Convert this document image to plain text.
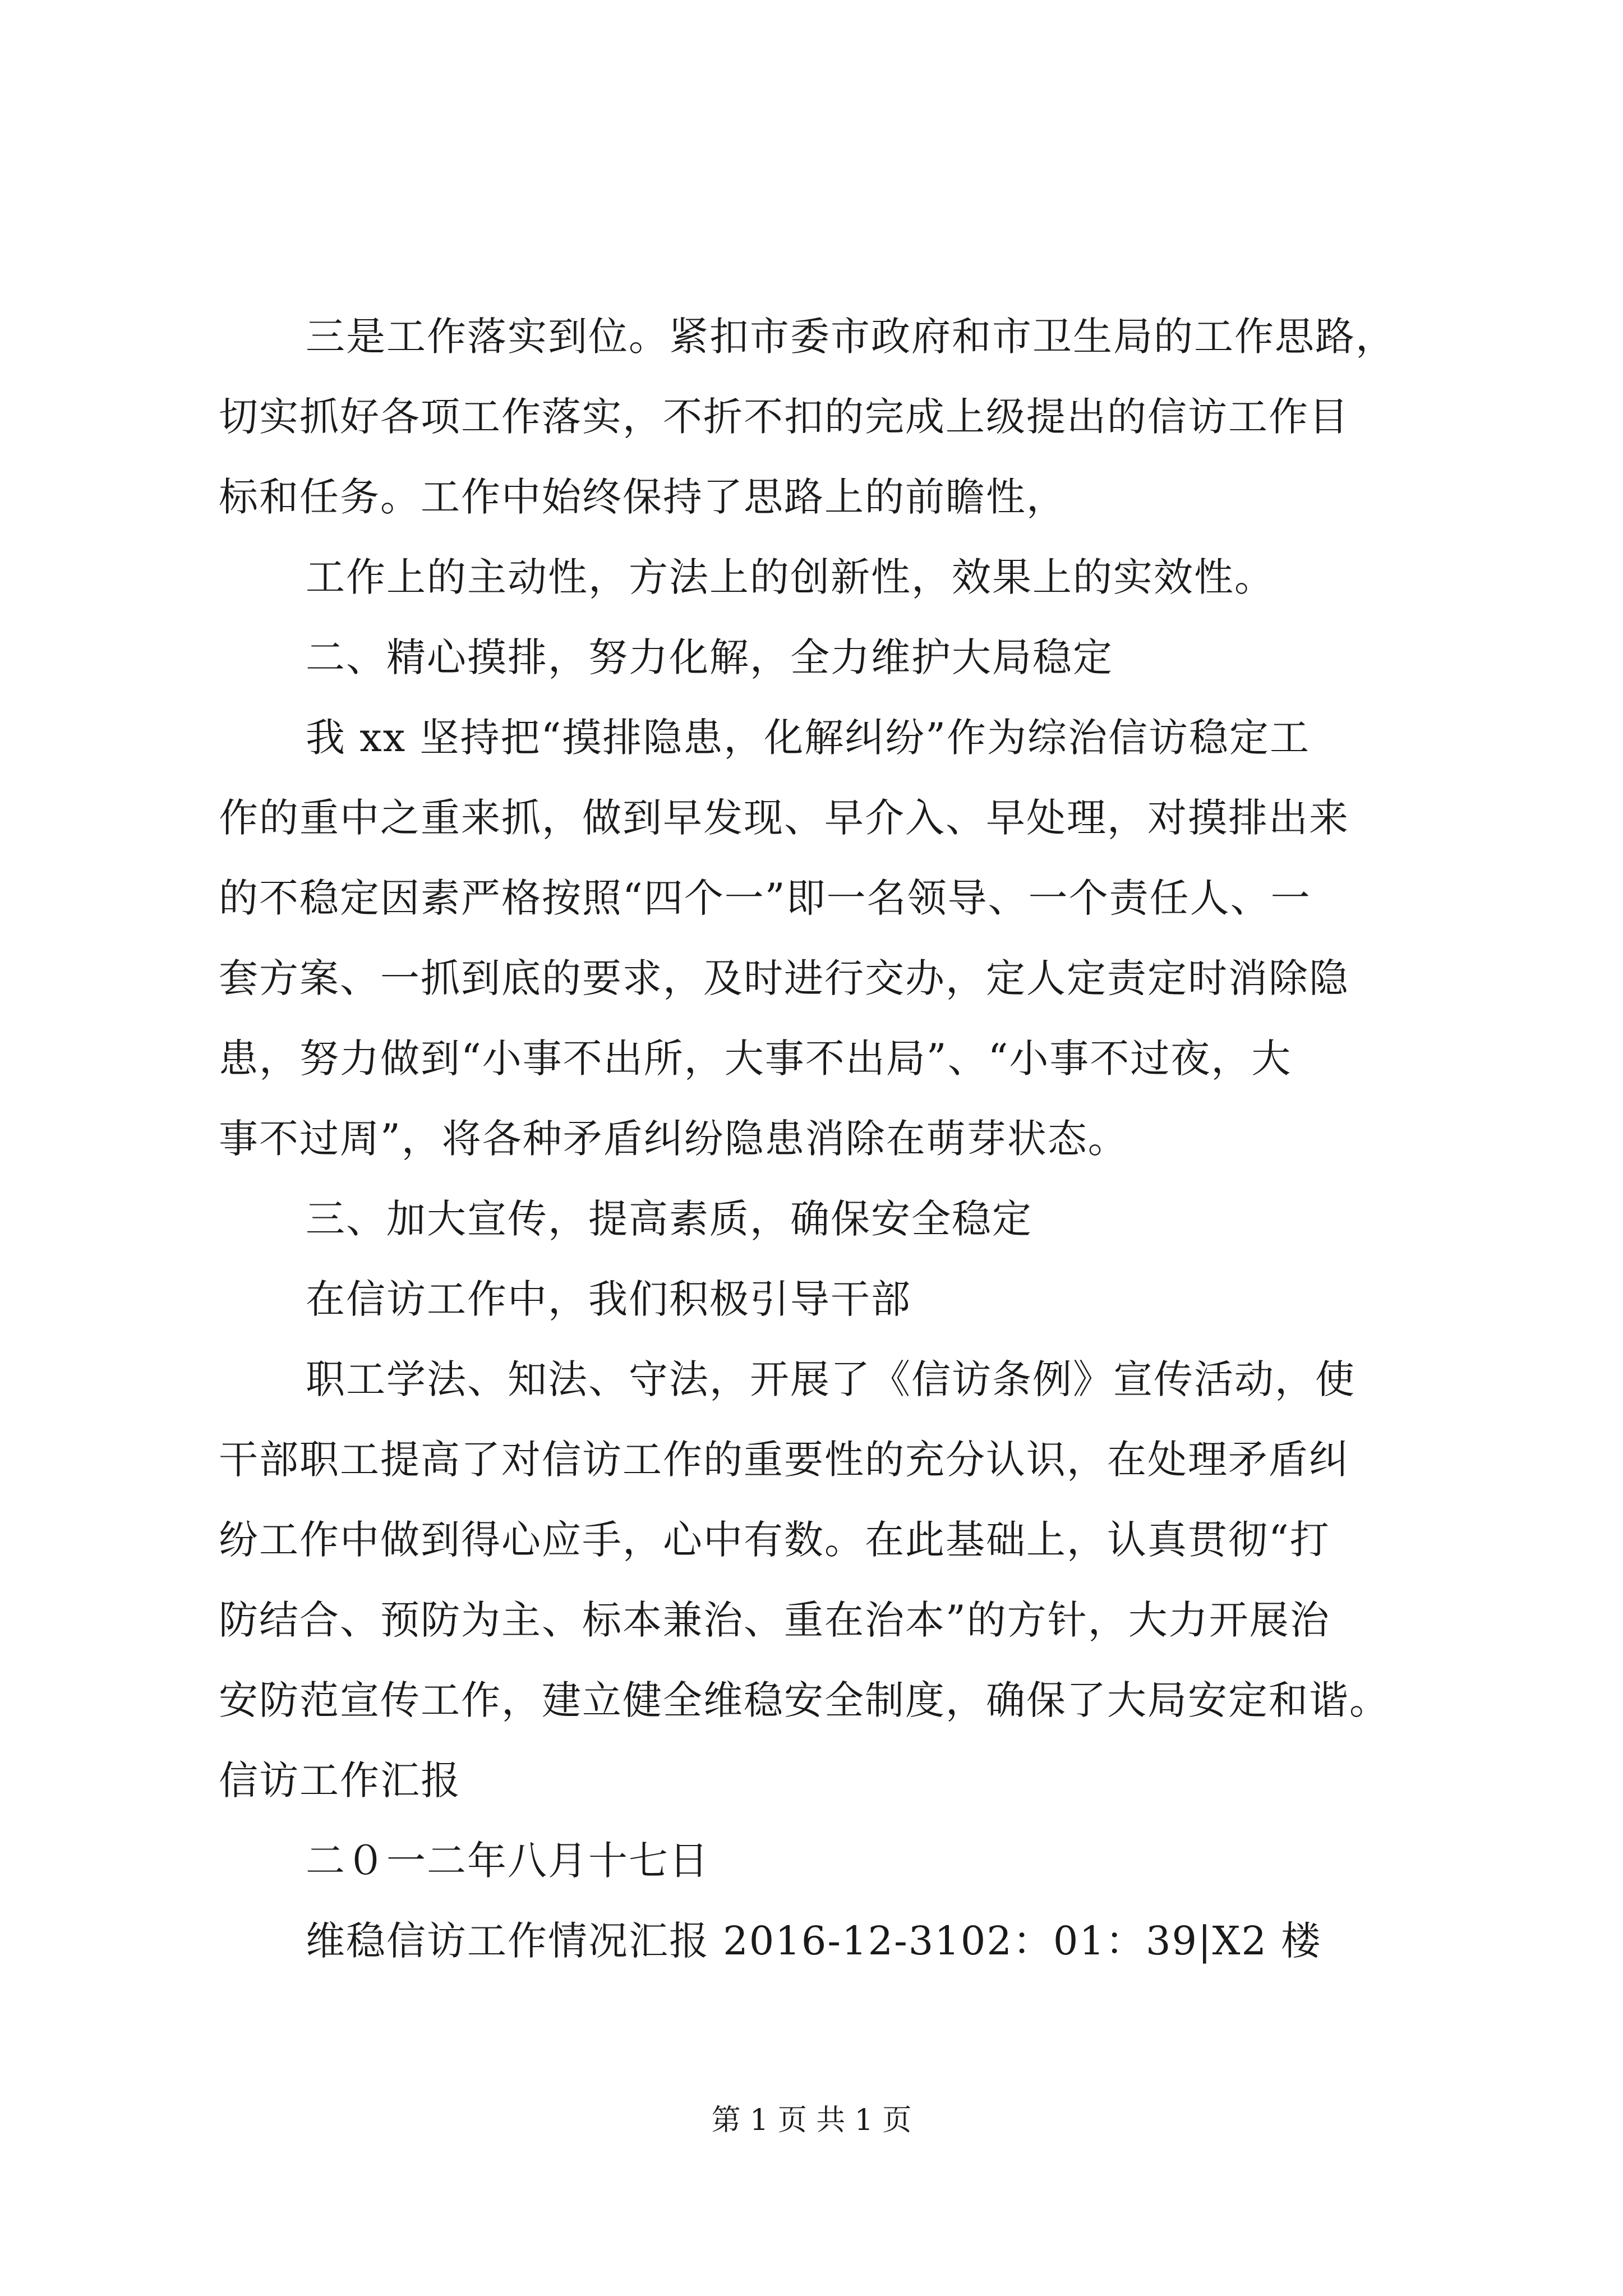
三是工作落实到位。紧扣市委市政府和市卫生局的工作思路，
切实抓好各项工作落实，不折不扣的完成上级提出的信访工作目
标和任务。工作中始终保持了思路上的前瞻性，
工作上的主动性，方法上的创新性，效果上的实效性。
二、精心摸排，努力化解，全力维护大局稳定
我 xx 坚持把“摸排隐患，化解纠纷”作为综治信访稳定工
作的重中之重来抓，做到早发现、早介入、早处理，对摸排出来
的不稳定因素严格按照“四个一”即一名领导、一个责任人、一
套方案、一抓到底的要求，及时进行交办，定人定责定时消除隐
患，努力做到“小事不出所，大事不出局”、“小事不过夜，大
事不过周”，将各种矛盾纠纷隐患消除在萌芽状态。
三、加大宣传，提高素质，确保安全稳定
在信访工作中，我们积极引导干部
职工学法、知法、守法，开展了《信访条例》宣传活动，使
干部职工提高了对信访工作的重要性的充分认识，在处理矛盾纠
纷工作中做到得心应手，心中有数。在此基础上，认真贯彻“打
防结合、预防为主、标本兼治、重在治本”的方针，大力开展治
安防范宣传工作，建立健全维稳安全制度，确保了大局安定和谐。
信访工作汇报
二０一二年八月十七日
维稳信访工作情况汇报 2016-12-3102：01：39|X2 楼
第 1 页 共 1 页
